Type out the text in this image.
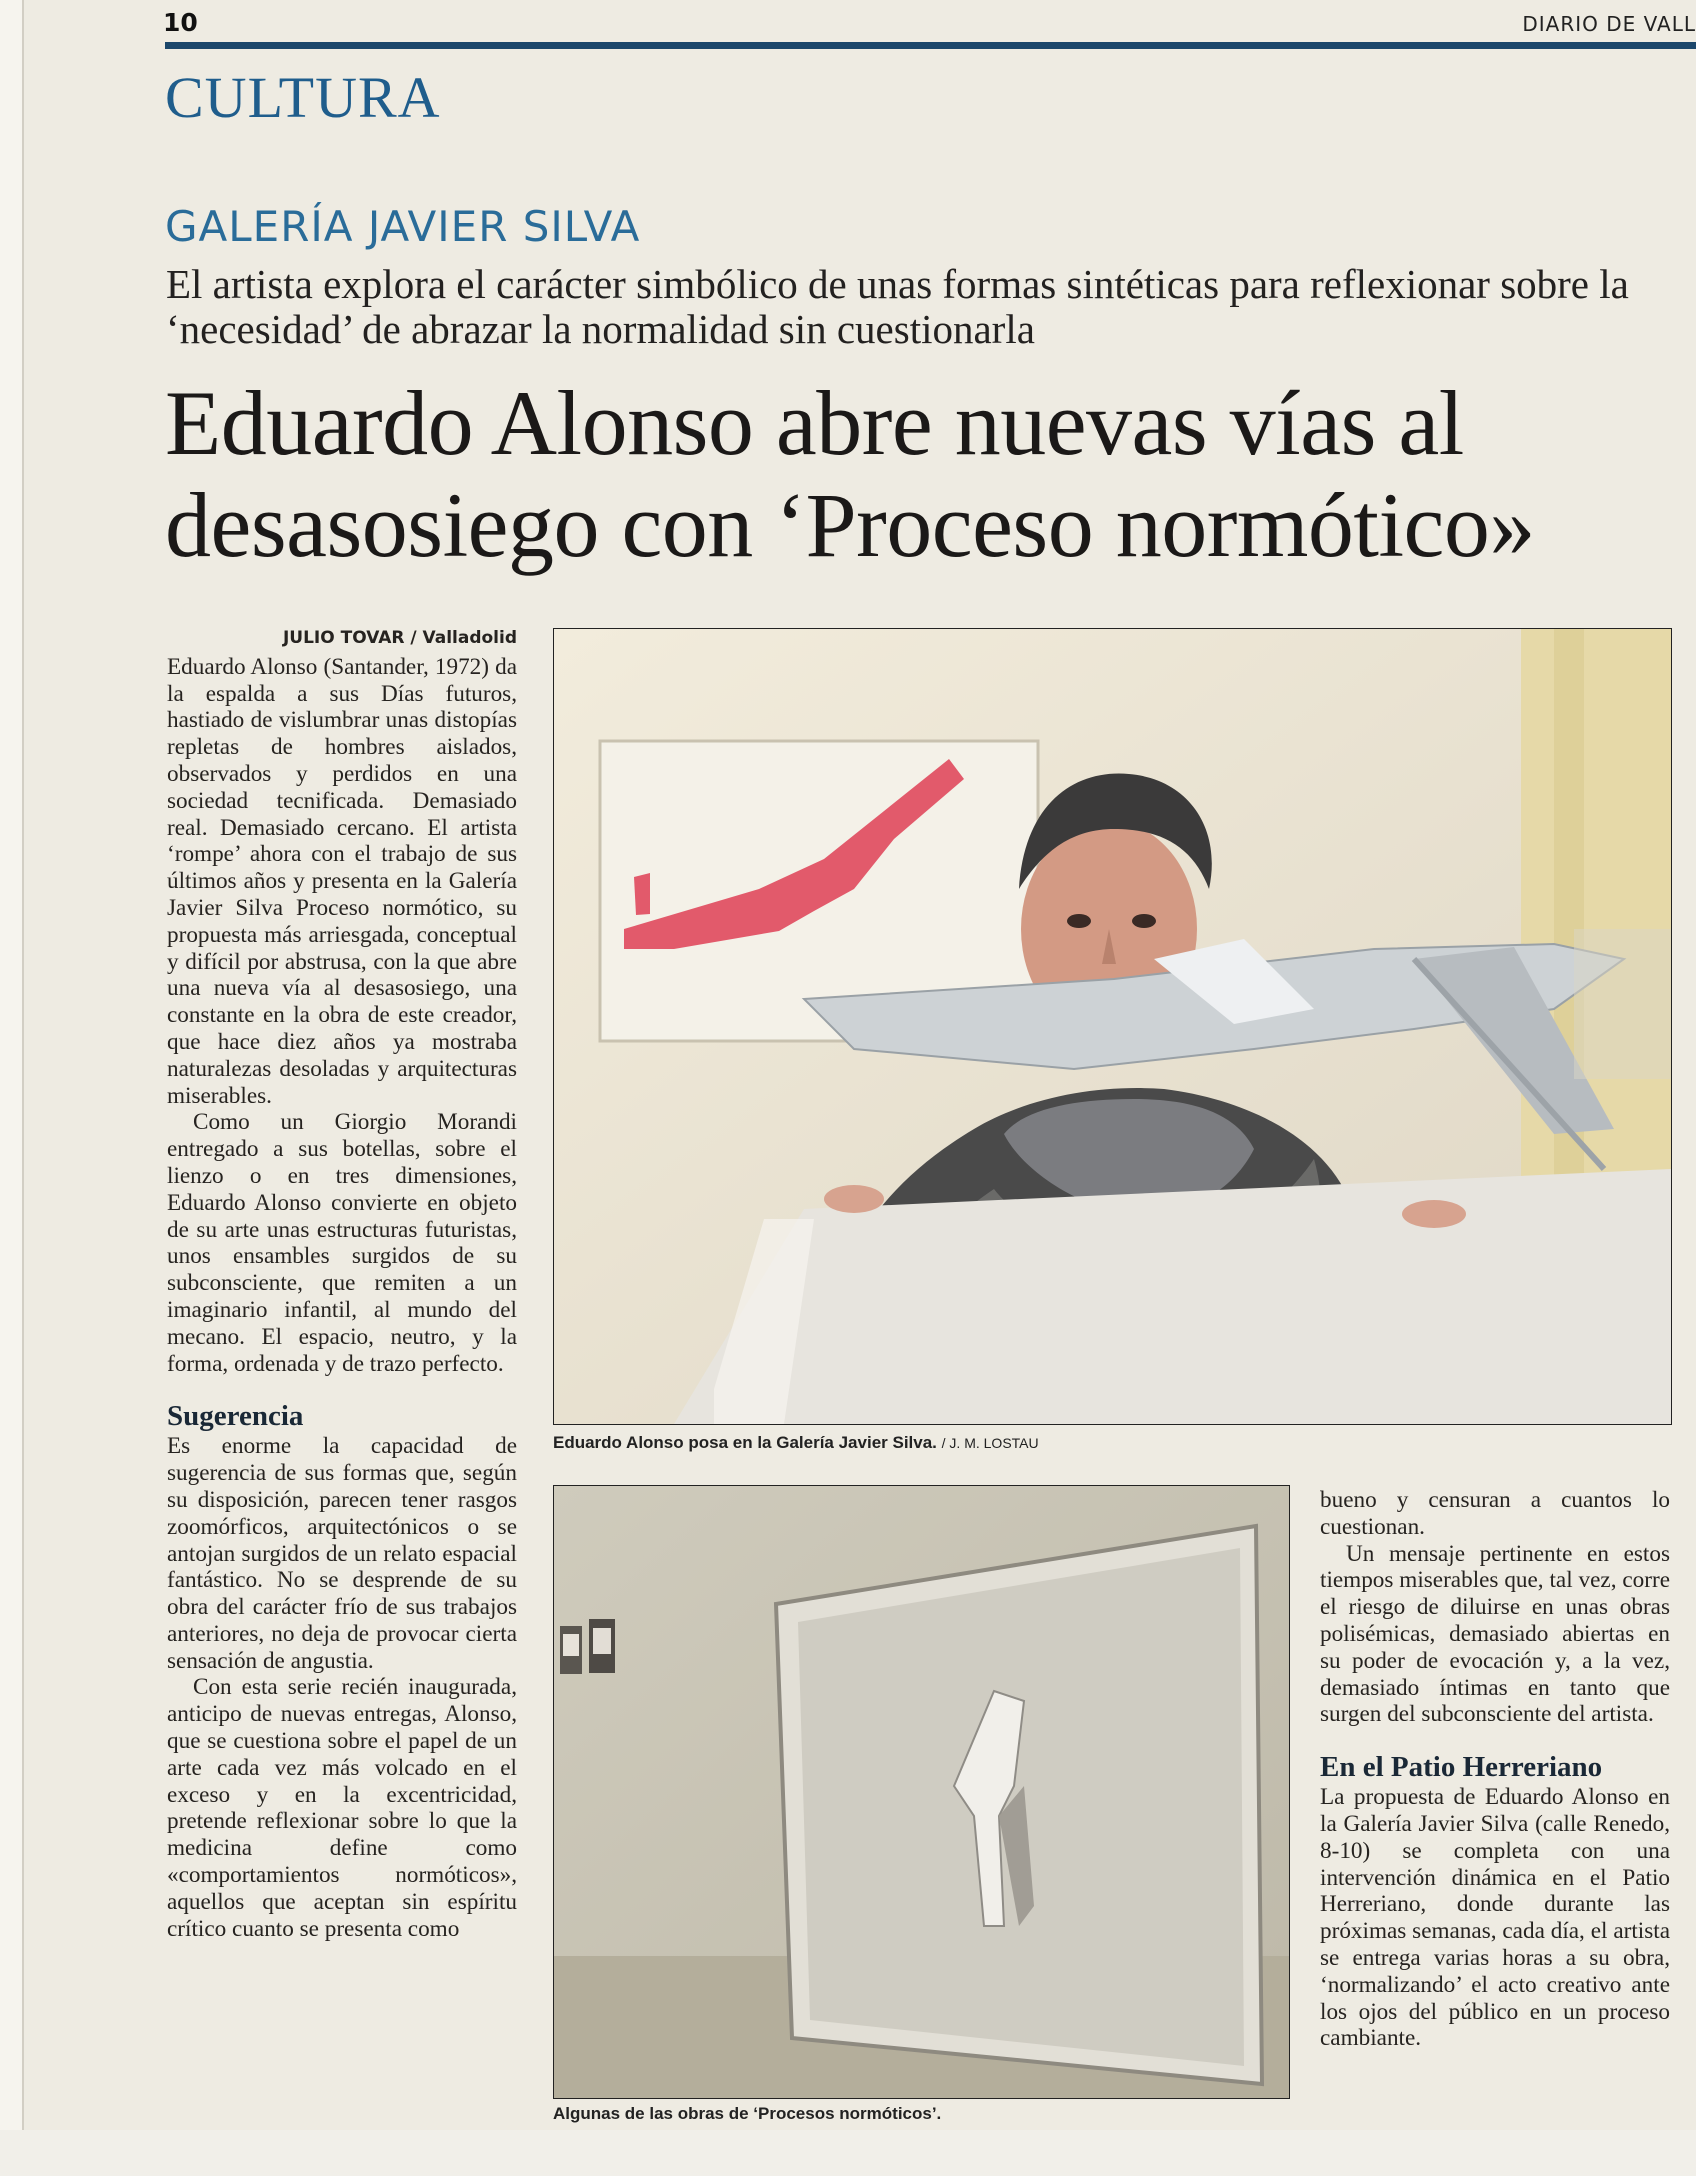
10	DIARIO DE VALL
CULTURA
GALERÍA JAVIER SILVA
El artista explora el carácter simbólico de unas formas sintéticas para reflexionar sobre la ‘necesidad’ de abrazar la normalidad sin cuestionarla
Eduardo Alonso abre nuevas vías al desasosiego con ‘Proceso normótico»

JULIO TOVAR / Valladolid

Eduardo Alonso (Santander, 1972) da la espalda a sus Días futuros, hastiado de vislumbrar unas distopías repletas de hombres aislados, observados y perdidos en una sociedad tecnificada. Demasiado real. Demasiado cercano. El artista ‘rompe’ ahora con el trabajo de sus últimos años y presenta en la Galería Javier Silva Proceso normótico, su propuesta más arriesgada, conceptual y difícil por abstrusa, con la que abre una nueva vía al desasosiego, una constante en la obra de este creador, que hace diez años ya mostraba naturalezas desoladas y arquitecturas miserables.

Como un Giorgio Morandi entregado a sus botellas, sobre el lienzo o en tres dimensiones, Eduardo Alonso convierte en objeto de su arte unas estructuras futuristas, unos ensambles surgidos de su subconsciente, que remiten a un imaginario infantil, al mundo del mecano. El espacio, neutro, y la forma, ordenada y de trazo perfecto.

Sugerencia

Es enorme la capacidad de sugerencia de sus formas que, según su disposición, parecen tener rasgos zoomórficos, arquitectónicos o se antojan surgidos de un relato espacial fantástico. No se desprende de su obra del carácter frío de sus trabajos anteriores, no deja de provocar cierta sensación de angustia.

Con esta serie recién inaugurada, anticipo de nuevas entregas, Alonso, que se cuestiona sobre el papel de un arte cada vez más volcado en el exceso y en la excentricidad, pretende reflexionar sobre lo que la medicina define como «comportamientos normóticos», aquellos que aceptan sin espíritu crítico cuanto se presenta como

Eduardo Alonso posa en la Galería Javier Silva. / J. M. LOSTAU
Algunas de las obras de ‘Procesos normóticos’.

bueno y censuran a cuantos lo cuestionan.

Un mensaje pertinente en estos tiempos miserables que, tal vez, corre el riesgo de diluirse en unas obras polisémicas, demasiado abiertas en su poder de evocación y, a la vez, demasiado íntimas en tanto que surgen del subconsciente del artista.

En el Patio Herreriano

La propuesta de Eduardo Alonso en la Galería Javier Silva (calle Renedo, 8-10) se completa con una intervención dinámica en el Patio Herreriano, donde durante las próximas semanas, cada día, el artista se entrega varias horas a su obra, ‘normalizando’ el acto creativo ante los ojos del público en un proceso cambiante.
